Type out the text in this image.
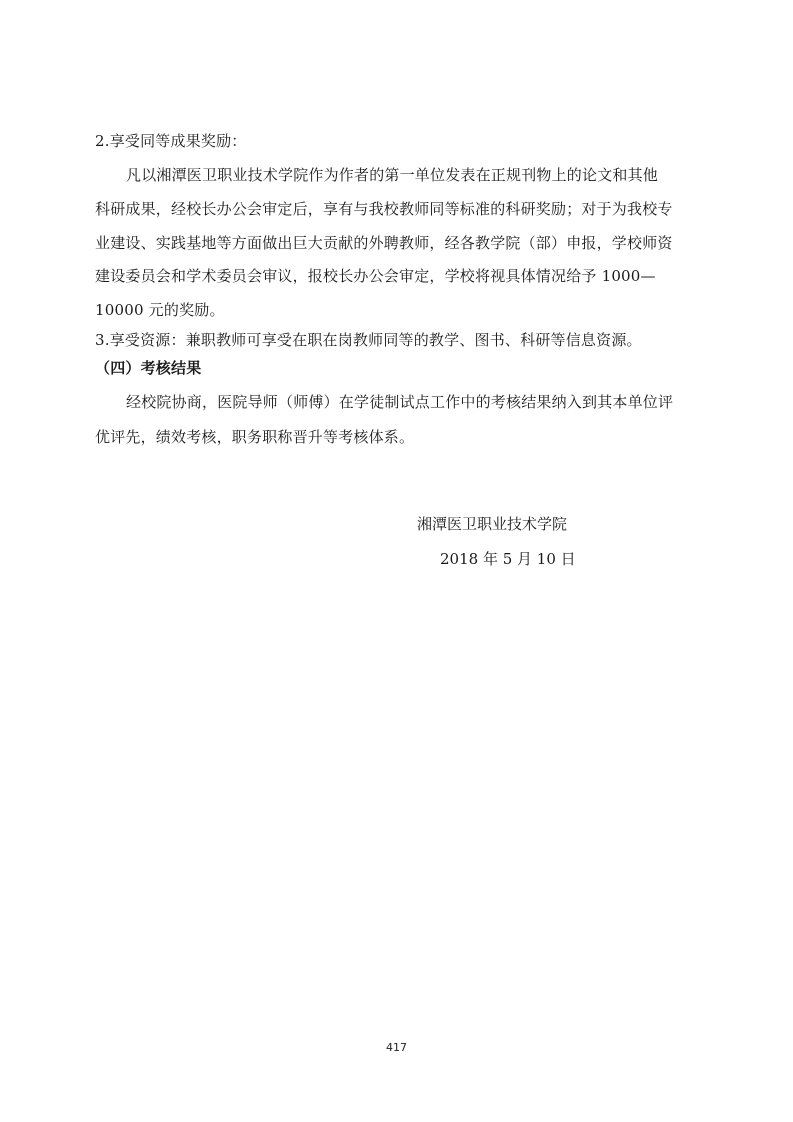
2.享受同等成果奖励：
凡以湘潭医卫职业技术学院作为作者的第一单位发表在正规刊物上的论文和其他
科研成果，经校长办公会审定后，享有与我校教师同等标准的科研奖励；对于为我校专
业建设、实践基地等方面做出巨大贡献的外聘教师，经各教学院（部）申报，学校师资
建设委员会和学术委员会审议，报校长办公会审定，学校将视具体情况给予 1000—
10000 元的奖励。
3.享受资源：兼职教师可享受在职在岗教师同等的教学、图书、科研等信息资源。
（四）考核结果
经校院协商，医院导师（师傅）在学徒制试点工作中的考核结果纳入到其本单位评
优评先，绩效考核，职务职称晋升等考核体系。
湘潭医卫职业技术学院
2018 年 5 月 10 日
417
